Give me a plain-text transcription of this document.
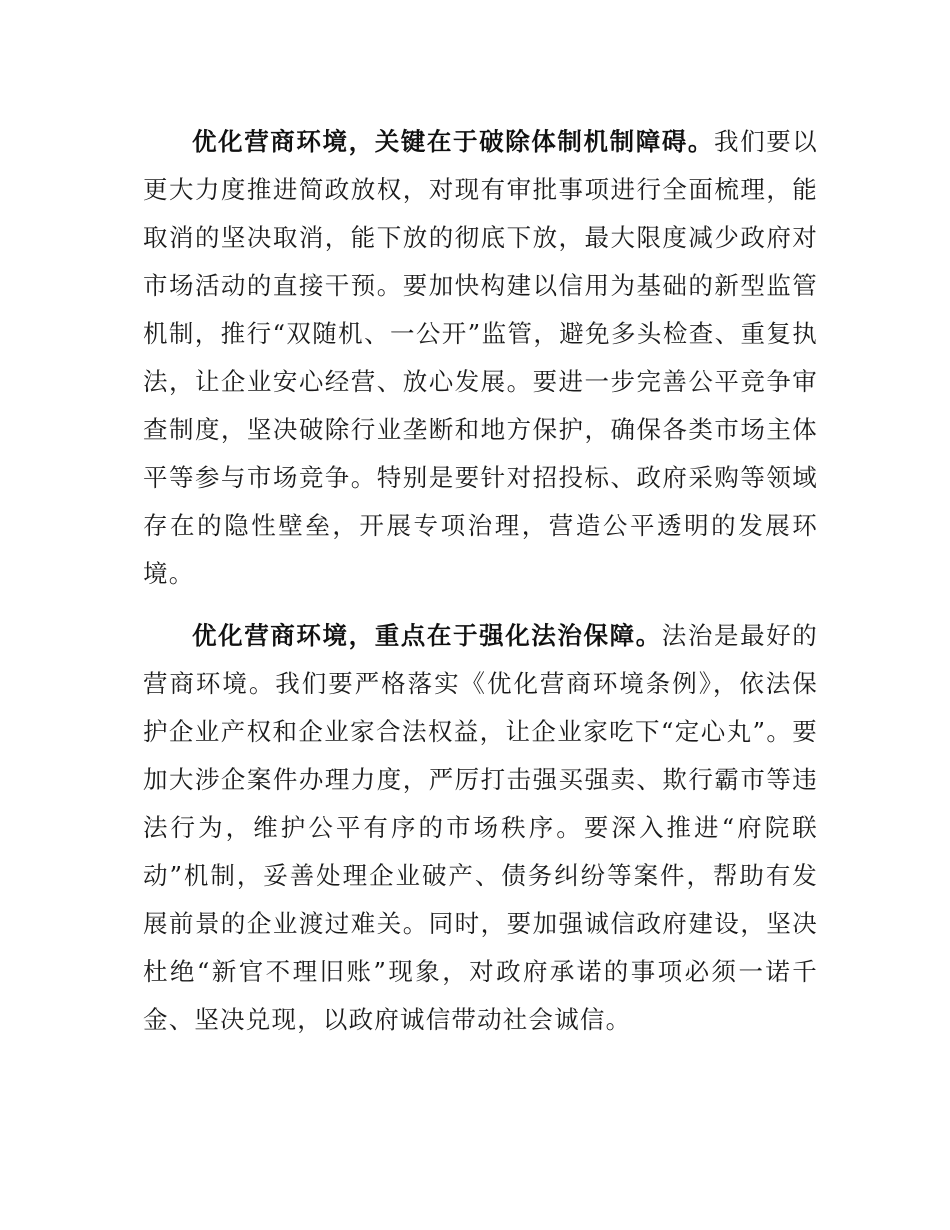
优化营商环境，关键在于破除体制机制障碍。我们要以更大力度推进简政放权，对现有审批事项进行全面梳理，能取消的坚决取消，能下放的彻底下放，最大限度减少政府对市场活动的直接干预。要加快构建以信用为基础的新型监管机制，推行“双随机、一公开”监管，避免多头检查、重复执法，让企业安心经营、放心发展。要进一步完善公平竞争审查制度，坚决破除行业垄断和地方保护，确保各类市场主体平等参与市场竞争。特别是要针对招投标、政府采购等领域存在的隐性壁垒，开展专项治理，营造公平透明的发展环境。

优化营商环境，重点在于强化法治保障。法治是最好的营商环境。我们要严格落实《优化营商环境条例》，依法保护企业产权和企业家合法权益，让企业家吃下“定心丸”。要加大涉企案件办理力度，严厉打击强买强卖、欺行霸市等违法行为，维护公平有序的市场秩序。要深入推进“府院联动”机制，妥善处理企业破产、债务纠纷等案件，帮助有发展前景的企业渡过难关。同时，要加强诚信政府建设，坚决杜绝“新官不理旧账”现象，对政府承诺的事项必须一诺千金、坚决兑现，以政府诚信带动社会诚信。
